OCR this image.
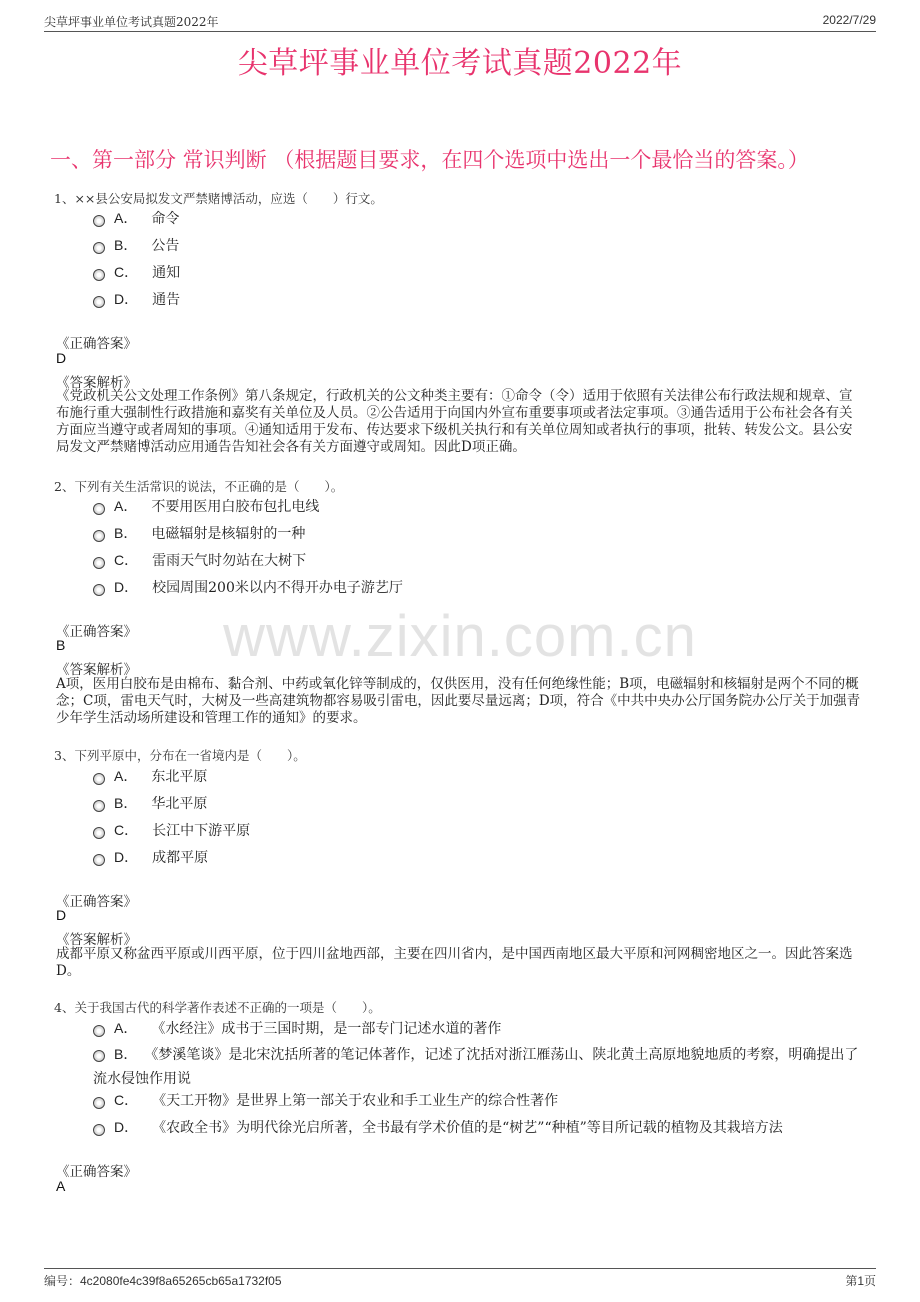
尖草坪事业单位考试真题2022年	2022/7/29
尖草坪事业单位考试真题2022年
一、第一部分 常识判断 （根据题目要求，在四个选项中选出一个最恰当的答案。）
www.zixin.com.cn
1、××县公安局拟发文严禁赌博活动，应选（　　）行文。
A． 命令
B． 公告
C． 通知
D． 通告
《正确答案》
D
《答案解析》
《党政机关公文处理工作条例》第八条规定，行政机关的公文种类主要有：①命令（令）适用于依照有关法律公布行政法规和规章、宣布施行重大强制性行政措施和嘉奖有关单位及人员。②公告适用于向国内外宣布重要事项或者法定事项。③通告适用于公布社会各有关方面应当遵守或者周知的事项。④通知适用于发布、传达要求下级机关执行和有关单位周知或者执行的事项，批转、转发公文。县公安局发文严禁赌博活动应用通告告知社会各有关方面遵守或周知。因此D项正确。
2、下列有关生活常识的说法，不正确的是（　　）。
A． 不要用医用白胶布包扎电线
B． 电磁辐射是核辐射的一种
C． 雷雨天气时勿站在大树下
D． 校园周围200米以内不得开办电子游艺厅
《正确答案》
B
《答案解析》
A项，医用白胶布是由棉布、黏合剂、中药或氧化锌等制成的，仅供医用，没有任何绝缘性能；B项，电磁辐射和核辐射是两个不同的概念；C项，雷电天气时，大树及一些高建筑物都容易吸引雷电，因此要尽量远离；D项，符合《中共中央办公厅国务院办公厅关于加强青少年学生活动场所建设和管理工作的通知》的要求。
3、下列平原中，分布在一省境内是（　　）。
A． 东北平原
B． 华北平原
C． 长江中下游平原
D． 成都平原
《正确答案》
D
《答案解析》
成都平原又称盆西平原或川西平原，位于四川盆地西部，主要在四川省内，是中国西南地区最大平原和河网稠密地区之一。因此答案选D。
4、关于我国古代的科学著作表述不正确的一项是（　　）。
A． 《水经注》成书于三国时期，是一部专门记述水道的著作
B． 《梦溪笔谈》是北宋沈括所著的笔记体著作，记述了沈括对浙江雁荡山、陕北黄土高原地貌地质的考察，明确提出了流水侵蚀作用说
C． 《天工开物》是世界上第一部关于农业和手工业生产的综合性著作
D． 《农政全书》为明代徐光启所著，全书最有学术价值的是“树艺”“种植”等目所记载的植物及其栽培方法
《正确答案》
A
编号：4c2080fe4c39f8a65265cb65a1732f05	第1页
